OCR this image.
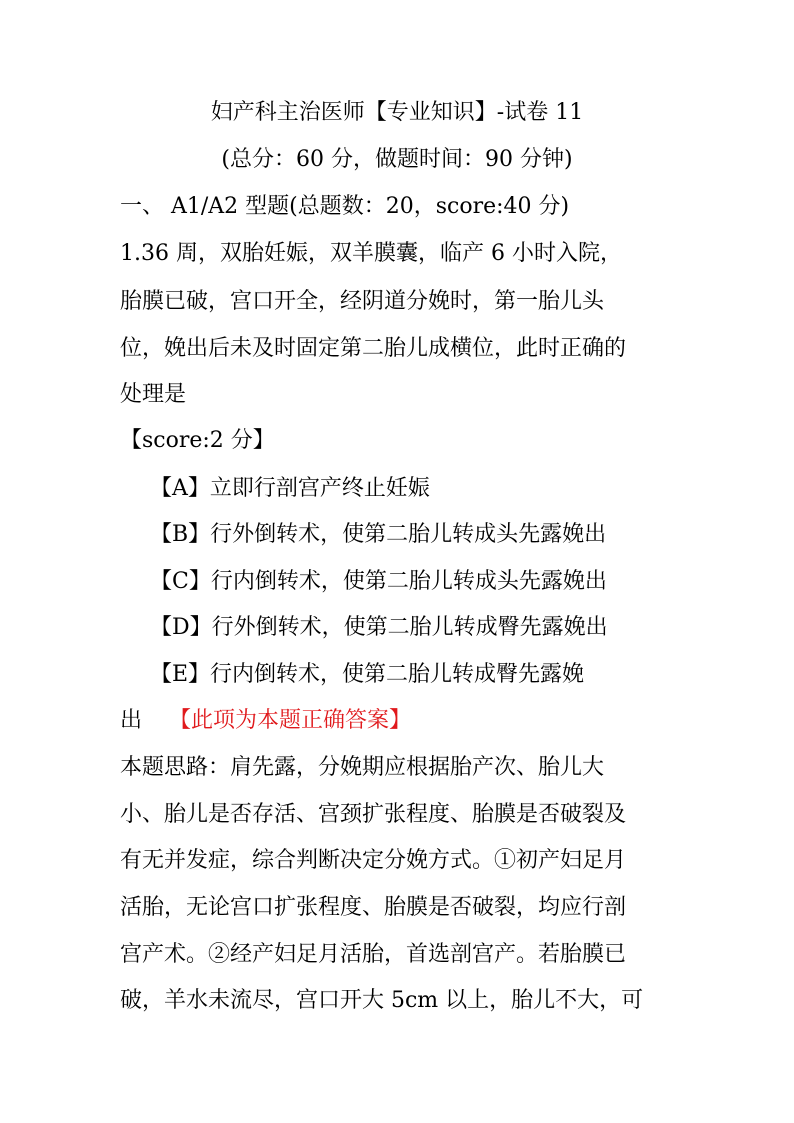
妇产科主治医师【专业知识】-试卷 11
(总分：60 分，做题时间：90 分钟)
一、 A1/A2 型题(总题数：20，score:40 分)
1.36 周，双胎妊娠，双羊膜囊，临产 6 小时入院，
胎膜已破，宫口开全，经阴道分娩时，第一胎儿头
位，娩出后未及时固定第二胎儿成横位，此时正确的
处理是
【score:2 分】
【A】立即行剖宫产终止妊娠
【B】行外倒转术，使第二胎儿转成头先露娩出
【C】行内倒转术，使第二胎儿转成头先露娩出
【D】行外倒转术，使第二胎儿转成臀先露娩出
【E】行内倒转术，使第二胎儿转成臀先露娩
出 【此项为本题正确答案】
本题思路：肩先露，分娩期应根据胎产次、胎儿大
小、胎儿是否存活、宫颈扩张程度、胎膜是否破裂及
有无并发症，综合判断决定分娩方式。①初产妇足月
活胎，无论宫口扩张程度、胎膜是否破裂，均应行剖
宫产术。②经产妇足月活胎，首选剖宫产。若胎膜已
破，羊水未流尽，宫口开大 5cm 以上，胎儿不大，可
